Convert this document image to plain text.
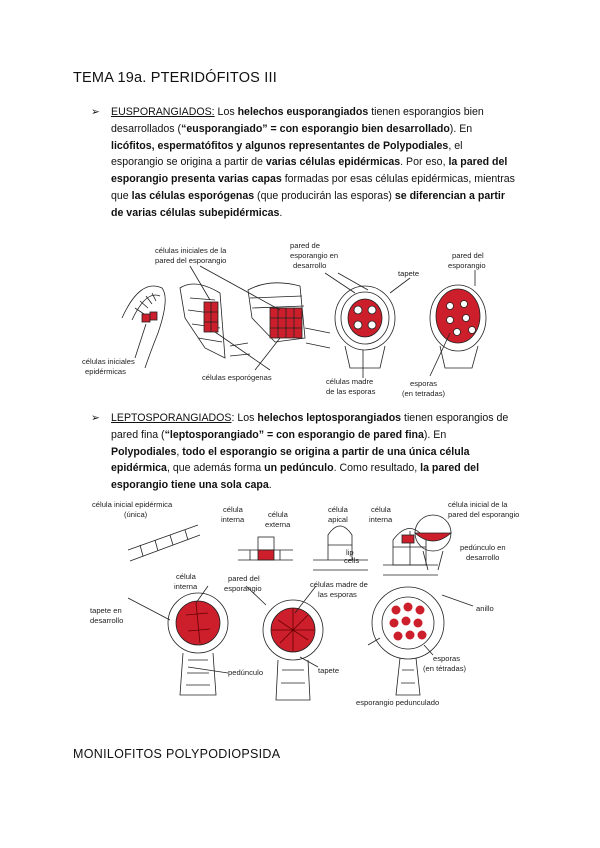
TEMA 19a. PTERIDÓFITOS III
➢ EUSPORANGIADOS: Los helechos eusporangiados tienen esporangios bien desarrollados (“eusporangiado” = con esporangio bien desarrollado). En licófitos, espermatófitos y algunos representantes de Polypodiales, el esporangio se origina a partir de varias células epidérmicas. Por eso, la pared del esporangio presenta varias capas formadas por esas células epidérmicas, mientras que las células esporógenas (que producirán las esporas) se diferencian a partir de varias células subepidérmicas.
células iniciales de la
pared del esporangio
pared de
esporangio en
desarrollo
tapete
pared del
esporangio
células iniciales
epidérmicas
células esporógenas	células madre
de las esporas
esporas
(en tetradas)
➢ LEPTOSPORANGIADOS: Los helechos leptosporangiados tienen esporangios de pared fina (“leptosporangiado” = con esporangio de pared fina). En Polypodiales, todo el esporangio se origina a partir de una única célula epidérmica, que además forma un pedúnculo. Como resultado, la pared del esporangio tiene una sola capa.
célula inicial epidérmica
(única)
célula
interna
célula
externa
célula
apical
célula
interna
célula inicial de la
pared del esporangio
pedúnculo en
desarrollo
lip
cells
célula
interna
pared del
esporangio	células madre de
las esporas
anillo
tapete en
desarrollo
pedúnculo	tapete
esporas
(en tétradas)
esporangio pedunculado
MONILOFITOS POLYPODIOPSIDA
